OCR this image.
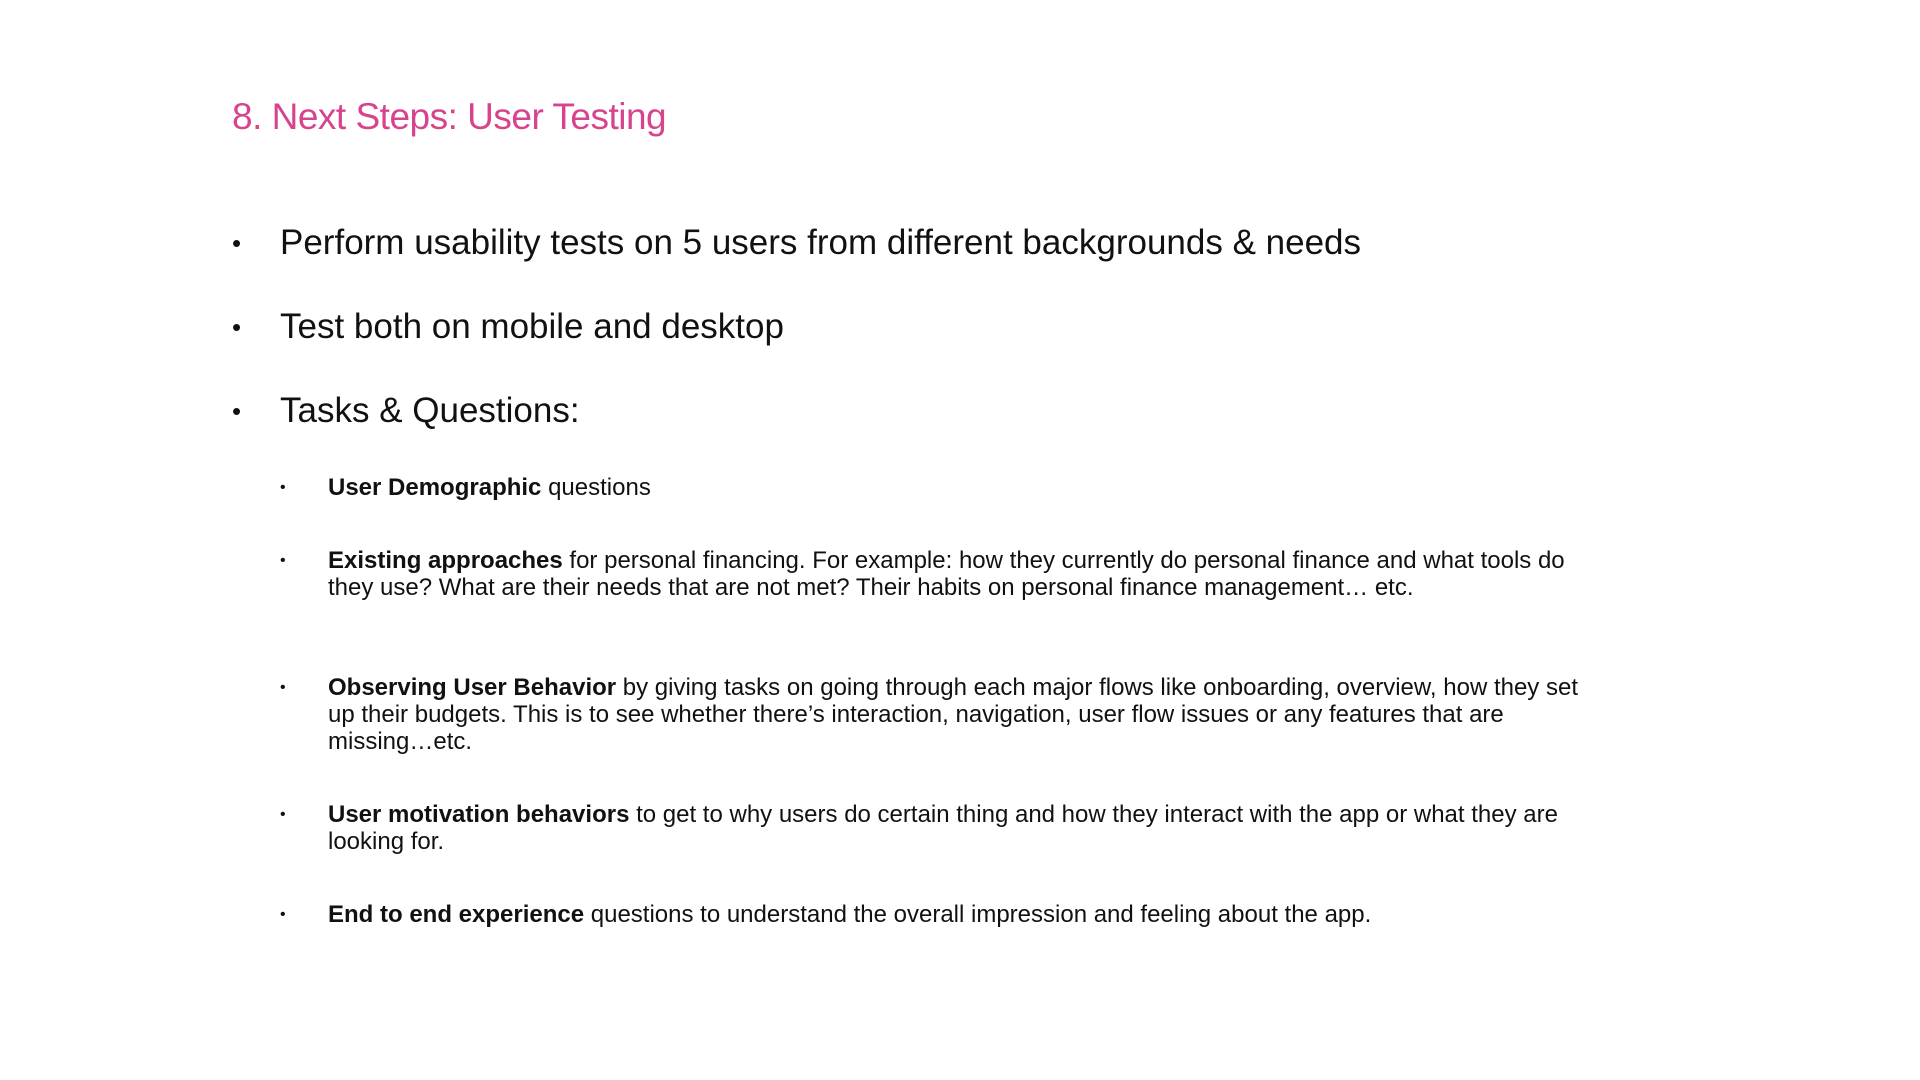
8. Next Steps: User Testing
•	Perform usability tests on 5 users from different backgrounds & needs
•	Test both on mobile and desktop
•	Tasks & Questions:
•	User Demographic questions
•	Existing approaches for personal financing. For example: how they currently do personal finance and what tools do they use? What are their needs that are not met? Their habits on personal finance management… etc.
•	Observing User Behavior by giving tasks on going through each major flows like onboarding, overview, how they set up their budgets. This is to see whether there’s interaction, navigation, user flow issues or any features that are missing…etc.
•	User motivation behaviors to get to why users do certain thing and how they interact with the app or what they are looking for.
•	End to end experience questions to understand the overall impression and feeling about the app.
